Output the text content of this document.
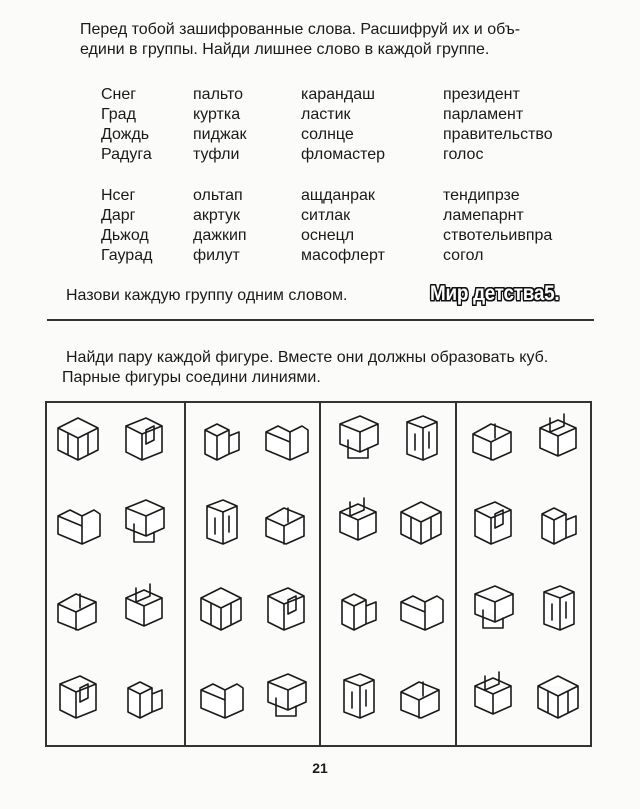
Перед тобой зашифрованные слова. Расшифруй их и объ-
едини в группы. Найди лишнее слово в каждой группе.
Снег
Град
Дождь
Радуга
пальто
куртка
пиджак
туфли
карандаш
ластик
солнце
фломастер
президент
парламент
правительство
голос
Нсег
Дарг
Дьжод
Гаурад
ольтап
акртук
дажкип
филут
ащданрак
ситлак
оснецл
масофлерт
тендипрзе
ламепарнт
ствотельивпра
согол
Назови каждую группу одним словом.	Мир детства5.
Найди пару каждой фигуре. Вместе они должны образовать куб. Парные фигуры соедини линиями.
21
